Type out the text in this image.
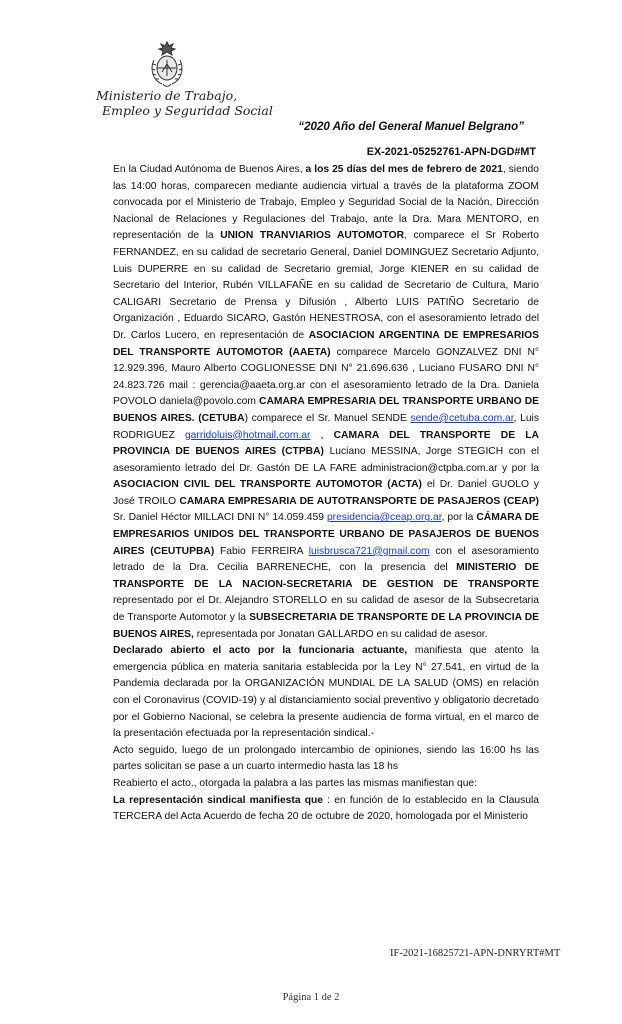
Ministerio de Trabajo,
Empleo y Seguridad Social
“2020 Año del General Manuel Belgrano”
EX-2021-05252761-APN-DGD#MT

En la Ciudad Autónoma de Buenos Aires, a los 25 días del mes de febrero de 2021, siendo las 14:00 horas, comparecen mediante audiencia virtual a través de la plataforma ZOOM convocada por el Ministerio de Trabajo, Empleo y Seguridad Social de la Nación, Dirección Nacional de Relaciones y Regulaciones del Trabajo, ante la Dra. Mara MENTORO, en representación de la UNION TRANVIARIOS AUTOMOTOR, comparece el Sr Roberto FERNANDEZ, en su calidad de secretario General, Daniel DOMINGUEZ Secretario Adjunto, Luis DUPERRE en su calidad de Secretario gremial, Jorge KIENER en su calidad de Secretario del Interior, Rubén VILLAFAÑE en su calidad de Secretario de Cultura, Mario CALIGARI Secretario de Prensa y Difusión , Alberto LUIS PATIÑO Secretario de Organización , Eduardo SICARO, Gastón HENESTROSA, con el asesoramiento letrado del Dr. Carlos Lucero, en representación de ASOCIACION ARGENTINA DE EMPRESARIOS DEL TRANSPORTE AUTOMOTOR (AAETA) comparece Marcelo GONZALVEZ DNI N° 12.929.396, Mauro Alberto COGLIONESSE DNI N° 21.696.636 , Luciano FUSARO DNI N° 24.823.726 mail : gerencia@aaeta.org.ar con el asesoramiento letrado de la Dra. Daniela POVOLO daniela@povolo.com CAMARA EMPRESARIA DEL TRANSPORTE URBANO DE BUENOS AIRES. (CETUBA) comparece el Sr. Manuel SENDE sende@cetuba.com.ar, Luis RODRIGUEZ garridoluis@hotmail.com.ar , CAMARA DEL TRANSPORTE DE LA PROVINCIA DE BUENOS AIRES (CTPBA) Luciano MESSINA, Jorge STEGICH con el asesoramiento letrado del Dr. Gastón DE LA FARE administracion@ctpba.com.ar y por la ASOCIACION CIVIL DEL TRANSPORTE AUTOMOTOR (ACTA) el Dr. Daniel GUOLO y José TROILO CAMARA EMPRESARIA DE AUTOTRANSPORTE DE PASAJEROS (CEAP) Sr. Daniel Héctor MILLACI DNI N° 14.059.459 presidencia@ceap.org.ar, por la CÁMARA DE EMPRESARIOS UNIDOS DEL TRANSPORTE URBANO DE PASAJEROS DE BUENOS AIRES (CEUTUPBA) Fabio FERREIRA luisbrusca721@gmail.com con el asesoramiento letrado de la Dra. Cecilia BARRENECHE, con la presencia del MINISTERIO DE TRANSPORTE DE LA NACION-SECRETARIA DE GESTION DE TRANSPORTE representado por el Dr. Alejandro STORELLO en su calidad de asesor de la Subsecretaria de Transporte Automotor y la SUBSECRETARIA DE TRANSPORTE DE LA PROVINCIA DE BUENOS AIRES, representada por Jonatan GALLARDO en su calidad de asesor.

Declarado abierto el acto por la funcionaria actuante, manifiesta que atento la emergencia pública en materia sanitaria establecida por la Ley N° 27.541, en virtud de la Pandemia declarada por la ORGANIZACIÓN MUNDIAL DE LA SALUD (OMS) en relación con el Coronavirus (COVID-19) y al distanciamiento social preventivo y obligatorio decretado por el Gobierno Nacional, se celebra la presente audiencia de forma virtual, en el marco de la presentación efectuada por la representación sindical.-

Acto seguido, luego de un prolongado intercambio de opiniones, siendo las 16:00 hs las partes solicitan se pase a un cuarto intermedio hasta las 18 hs

Reabierto el acto., otorgada la palabra a las partes las mismas manifiestan que:

La representación sindical manifiesta que : en función de lo establecido en la Clausula TERCERA del Acta Acuerdo de fecha 20 de octubre de 2020, homologada por el Ministerio

IF-2021-16825721-APN-DNRYRT#MT
Página 1 de 2
